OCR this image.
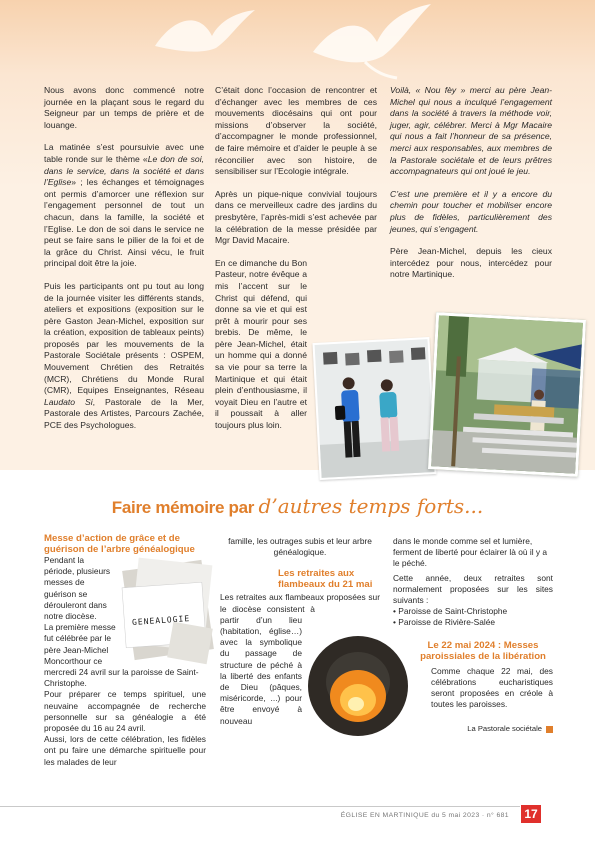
Nous avons donc commencé notre journée en la plaçant sous le regard du Seigneur par un temps de prière et de louange.

La matinée s’est poursuivie avec une table ronde sur le thème «Le don de soi, dans le service, dans la société et dans l’Eglise» ; les échanges et témoignages ont permis d’amorcer une réflexion sur l’engagement personnel de tout un chacun, dans la famille, la société et l’Eglise. Le don de soi dans le service ne peut se faire sans le pilier de la foi et de la grâce du Christ. Ainsi vécu, le fruit principal doit être la joie.

Puis les participants ont pu tout au long de la journée visiter les différents stands, ateliers et expositions (exposition sur le père Gaston Jean-Michel, exposition sur la création, exposition de tableaux peints) proposés par les mouvements de la Pastorale Sociétale présents : OSPEM, Mouvement Chrétien des Retraités (MCR), Chrétiens du Monde Rural (CMR), Equipes Enseignantes, Réseau Laudato Si, Pastorale de la Mer, Pastorale des Artistes, Parcours Zachée, PCE des Psychologues.

C’était donc l’occasion de rencontrer et d’échanger avec les membres de ces mouvements diocésains qui ont pour missions d’observer la société, d’accompagner le monde professionnel, de faire mémoire et d’aider le peuple à se réconcilier avec son histoire, de sensibiliser sur l’Ecologie intégrale.

Après un pique-nique convivial toujours dans ce merveilleux cadre des jardins du presbytère, l’après-midi s’est achevée par la célébration de la messe présidée par Mgr David Macaire.

En ce dimanche du Bon Pasteur, notre évêque a mis l’accent sur le Christ qui défend, qui donne sa vie et qui est prêt à mourir pour ses brebis. De même, le père Jean-Michel, était un homme qui a donné sa vie pour sa terre la Martinique et qui était plein d’enthousiasme, il voyait Dieu en l’autre et il poussait à aller toujours plus loin.

Voilà, « Nou fèy » merci au père Jean-Michel qui nous a inculqué l’engagement dans la société à travers la méthode voir, juger, agir, célébrer. Merci à Mgr Macaire qui nous a fait l’honneur de sa présence, merci aux responsables, aux membres de la Pastorale sociétale et de leurs prêtres accompagnateurs qui ont joué le jeu.

C’est une première et il y a encore du chemin pour toucher et mobiliser encore plus de fidèles, particulièrement des jeunes, qui s’engagent.

Père Jean-Michel, depuis les cieux intercédez pour nous, intercédez pour notre Martinique.

Faire mémoire par d’autres temps forts...

Messe d’action de grâce et de guérison de l’arbre généalogique

GENEALOGIE

Pendant la période, plusieurs messes de guérison se dérouleront dans notre diocèse.

La première messe fut célébrée par le père Jean-Michel Moncorthour ce mercredi 24 avril sur la paroisse de Saint-Christophe.

Pour préparer ce temps spirituel, une neuvaine accompagnée de recherche personnelle sur sa généalogie a été proposée du 16 au 24 avril.

Aussi, lors de cette célébration, les fidèles ont pu faire une démarche spirituelle pour les malades de leur

famille, les outrages subis et leur arbre généalogique.

Les retraites aux flambeaux du 21 mai

Les retraites aux flambeaux proposées sur le diocèse consistent à partir d’un lieu (habitation, église…) avec la symbolique du passage de structure de péché à la liberté des enfants de Dieu (pâques, miséricorde, ...) pour être envoyé à nouveau

dans le monde comme sel et lumière, ferment de liberté pour éclairer là où il y a le péché.

Cette année, deux retraites sont normalement proposées sur les sites suivants :

• Paroisse de Saint-Christophe

• Paroisse de Rivière-Salée

Le 22 mai 2024 : Messes paroissiales de la libération

Comme chaque 22 mai, des célébrations eucharistiques seront proposées en créole à toutes les paroisses.

La Pastorale sociétale

ÉGLISE EN MARTINIQUE du 5 mai 2023 · n° 681 17
